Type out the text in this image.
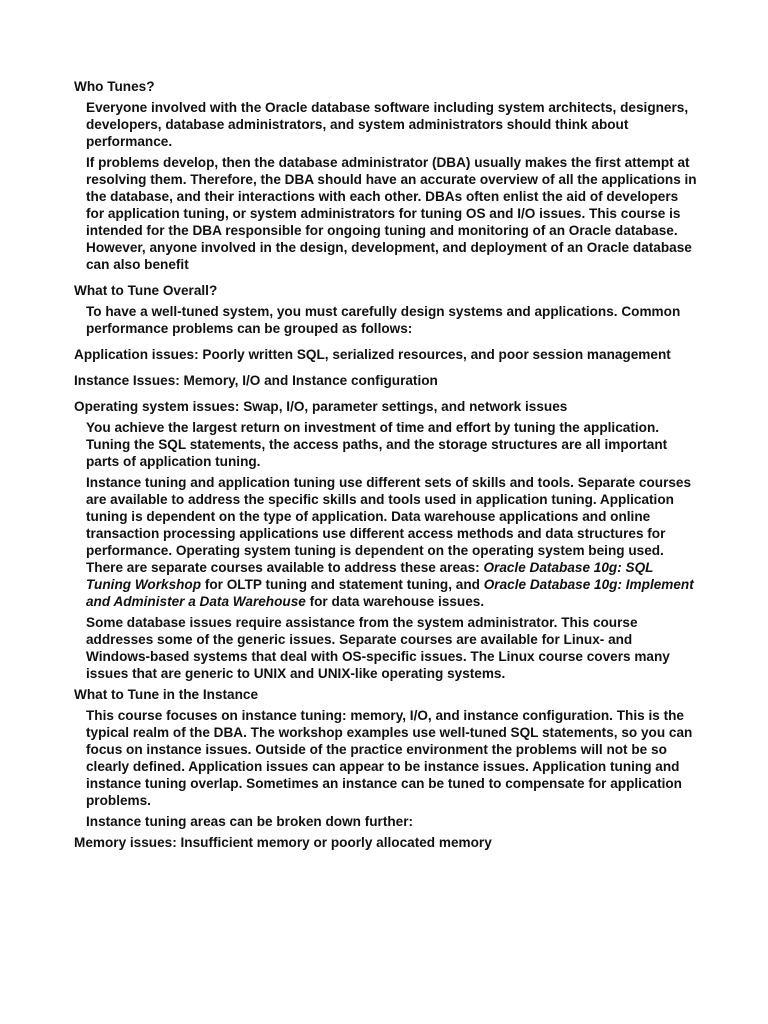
Who Tunes?

Everyone involved with the Oracle database software including system architects, designers, developers, database administrators, and system administrators should think about performance.

If problems develop, then the database administrator (DBA) usually makes the first attempt at resolving them. Therefore, the DBA should have an accurate overview of all the applications in the database, and their interactions with each other. DBAs often enlist the aid of developers for application tuning, or system administrators for tuning OS and I/O issues. This course is intended for the DBA responsible for ongoing tuning and monitoring of an Oracle database. However, anyone involved in the design, development, and deployment of an Oracle database can also benefit

What to Tune Overall?

To have a well-tuned system, you must carefully design systems and applications. Common performance problems can be grouped as follows:

Application issues: Poorly written SQL, serialized resources, and poor session management
Instance Issues: Memory, I/O and Instance configuration
Operating system issues: Swap, I/O, parameter settings, and network issues

You achieve the largest return on investment of time and effort by tuning the application. Tuning the SQL statements, the access paths, and the storage structures are all important parts of application tuning.

Instance tuning and application tuning use different sets of skills and tools. Separate courses are available to address the specific skills and tools used in application tuning. Application tuning is dependent on the type of application. Data warehouse applications and online transaction processing applications use different access methods and data structures for performance. Operating system tuning is dependent on the operating system being used. There are separate courses available to address these areas: Oracle Database 10g: SQL Tuning Workshop for OLTP tuning and statement tuning, and Oracle Database 10g: Implement and Administer a Data Warehouse for data warehouse issues.

Some database issues require assistance from the system administrator. This course addresses some of the generic issues. Separate courses are available for Linux- and Windows-based systems that deal with OS-specific issues. The Linux course covers many issues that are generic to UNIX and UNIX-like operating systems.

What to Tune in the Instance

This course focuses on instance tuning: memory, I/O, and instance configuration. This is the typical realm of the DBA. The workshop examples use well-tuned SQL statements, so you can focus on instance issues. Outside of the practice environment the problems will not be so clearly defined. Application issues can appear to be instance issues. Application tuning and instance tuning overlap. Sometimes an instance can be tuned to compensate for application problems.

Instance tuning areas can be broken down further:

Memory issues: Insufficient memory or poorly allocated memory
